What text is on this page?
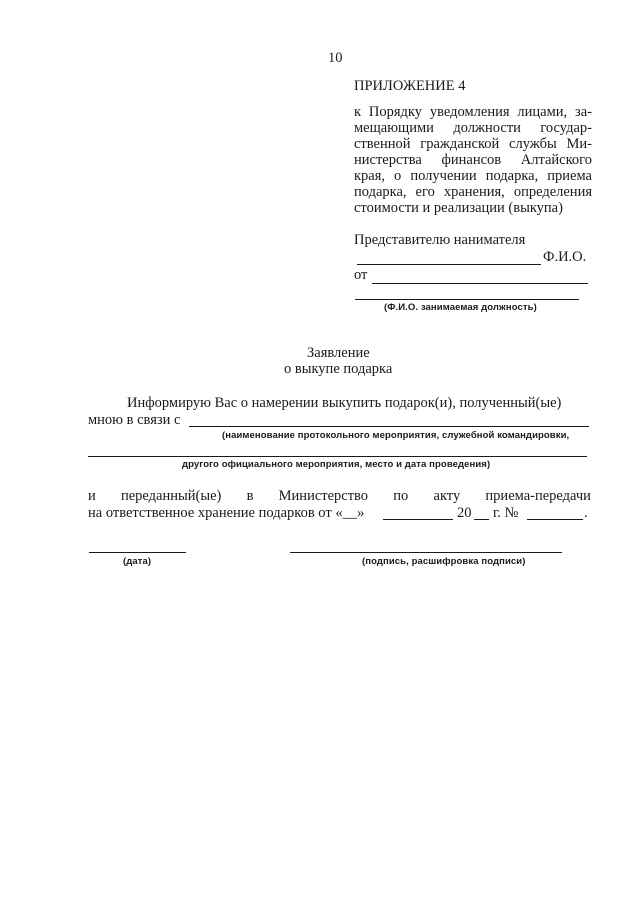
10
ПРИЛОЖЕНИЕ 4
к Порядку уведомления лицами, за-
мещающими должности государ-
ственной гражданской службы Ми-
нистерства финансов Алтайского
края, о получении подарка, приема
подарка, его хранения, определения
стоимости и реализации (выкупа)
Представителю нанимателя
Ф.И.О.
от
(Ф.И.О. занимаемая должность)
Заявление
о выкупе подарка
Информирую Вас о намерении выкупить подарок(и), полученный(ые)
мною в связи с
(наименование протокольного мероприятия, служебной командировки,
другого официального мероприятия, место и дата проведения)
и переданный(ые) в Министерство по акту приема-передачи
на ответственное хранение подарков от «__»	20 г. №	.
(дата)	(подпись, расшифровка подписи)
